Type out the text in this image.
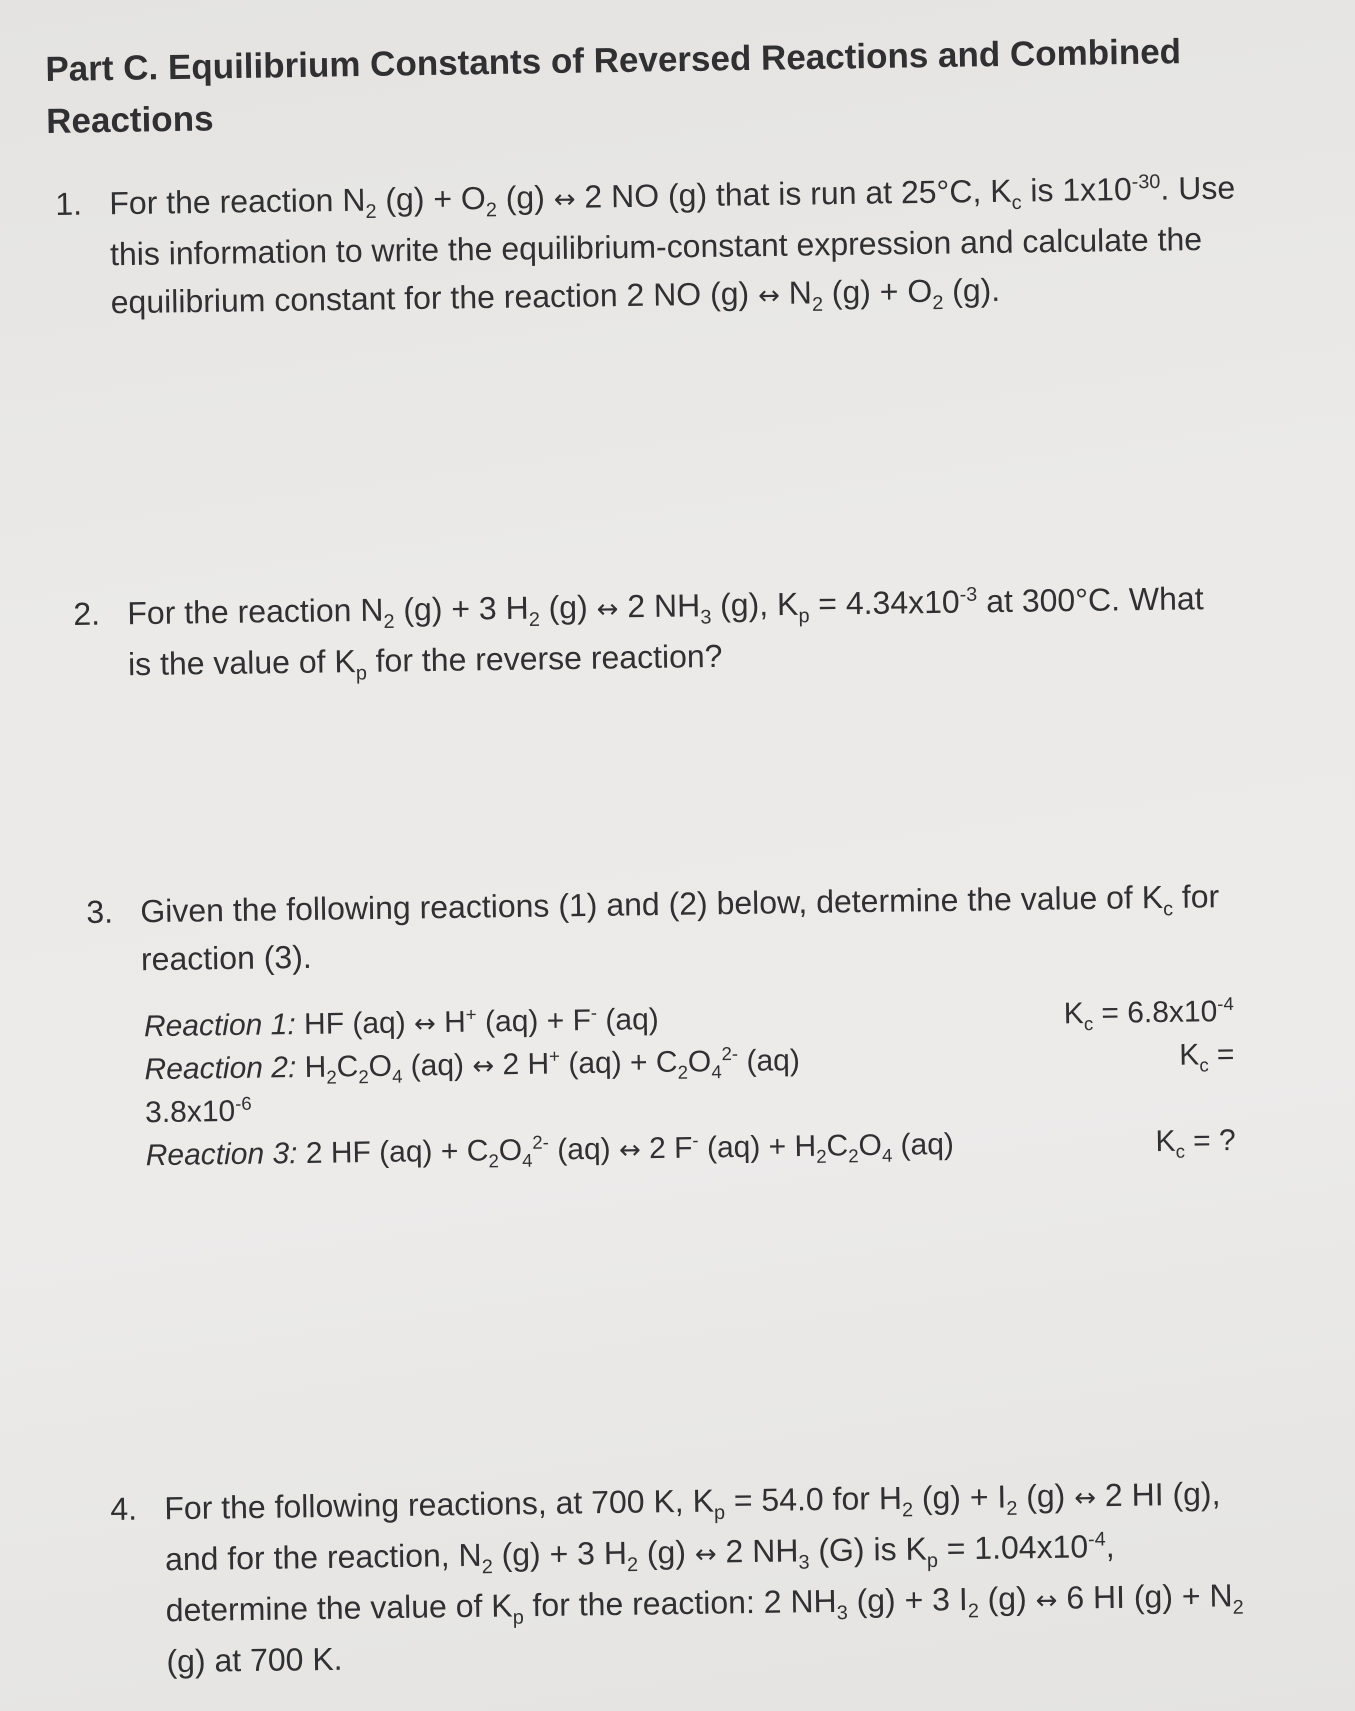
Part C. Equilibrium Constants of Reversed Reactions and Combined Reactions
1. For the reaction $N_2$ $(g) + O_2$ (g) ↔ 2 NO (g) that is run at 25°C, $K_c$ is $1x10^{-30}$. Use this information to write the equilibrium-constant expression and calculate the equilibrium constant for the reaction 2 NO (g) ↔ $N_2$ $(g) + O_2$ (g).
2. For the reaction $N_2$ (g) + 3 $H_2$ (g) ↔ 2 $NH_3$ (g), $K_p = 4.34x10^{-3}$ at 300°C. What is the value of $K_p$ for the reverse reaction?
3. Given the following reactions (1) and (2) below, determine the value of $K_c$ for reaction (3).
Reaction 1: HF (aq) ↔ H+ (aq) + F- (aq)	$K_c = 6.8x10^{-4}$
Reaction 2: $H_2C_2O_4$ (aq) ↔ 2 H+ $(aq) + C_2O_4^{2-}$ (aq)	$K_c$ =
$3.8x10^{-6}$
Reaction 3: 2 HF $(aq) + C_2O_4^{2-}$ (aq) ↔ 2 F- $(aq) + H_2C_2O_4$ (aq)	$K_c$ = ?
4. For the following reactions, at 700 K, $K_p = 54.0$ for $H_2$ $(g) + I_2$ (g) ↔ 2 HI (g), and for the reaction, $N_2$ (g) + 3 $H_2$ (g) ↔ 2 $NH_3$ (G) is $K_p = 1.04x10^{-4}$, determine the value of $K_p$ for the reaction: 2 $NH_3$ (g) + 3 $I_2$ (g) ↔ 6 HI $(g) + N_2$ (g) at 700 K.
